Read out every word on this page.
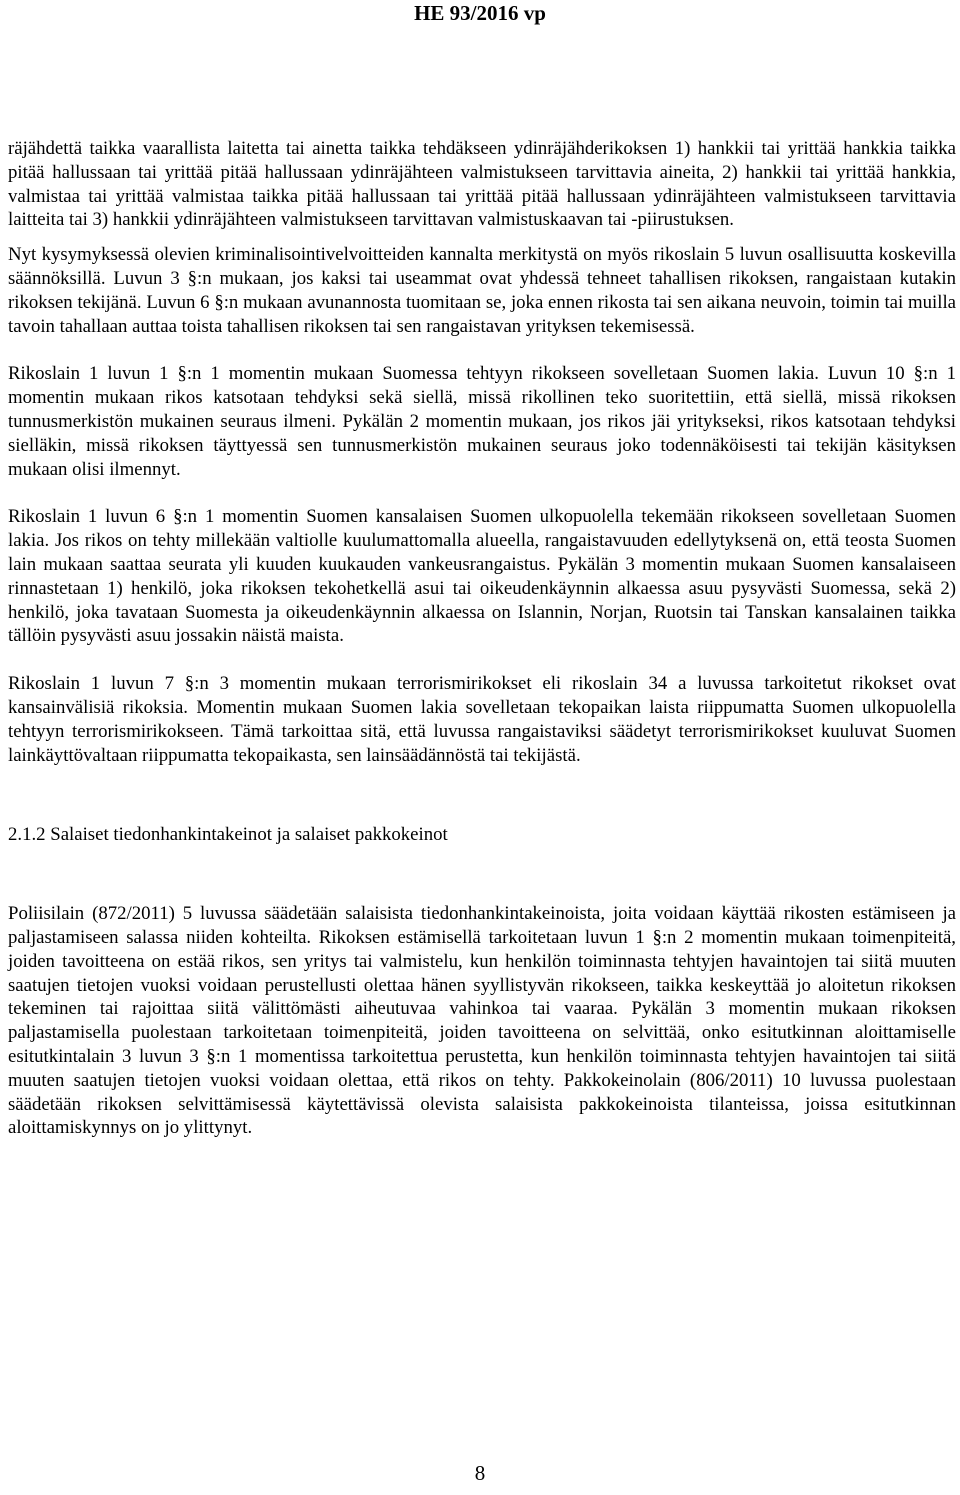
HE 93/2016 vp

räjähdettä taikka vaarallista laitetta tai ainetta taikka tehdäkseen ydinräjähderikoksen 1) hankkii tai yrittää hankkia taikka pitää hallussaan tai yrittää pitää hallussaan ydinräjähteen valmistukseen tarvittavia aineita, 2) hankkii tai yrittää hankkia, valmistaa tai yrittää valmistaa taikka pitää hallussaan tai yrittää pitää hallussaan ydinräjähteen valmistukseen tarvittavia laitteita tai 3) hankkii ydinräjähteen valmistukseen tarvittavan valmistuskaavan tai -piirustuksen.

Nyt kysymyksessä olevien kriminalisointivelvoitteiden kannalta merkitystä on myös rikoslain 5 luvun osallisuutta koskevilla säännöksillä. Luvun 3 §:n mukaan, jos kaksi tai useammat ovat yhdessä tehneet tahallisen rikoksen, rangaistaan kutakin rikoksen tekijänä. Luvun 6 §:n mukaan avunannosta tuomitaan se, joka ennen rikosta tai sen aikana neuvoin, toimin tai muilla tavoin tahallaan auttaa toista tahallisen rikoksen tai sen rangaistavan yrityksen tekemisessä.

Rikoslain 1 luvun 1 §:n 1 momentin mukaan Suomessa tehtyyn rikokseen sovelletaan Suomen lakia. Luvun 10 §:n 1 momentin mukaan rikos katsotaan tehdyksi sekä siellä, missä rikollinen teko suoritettiin, että siellä, missä rikoksen tunnusmerkistön mukainen seuraus ilmeni. Pykälän 2 momentin mukaan, jos rikos jäi yritykseksi, rikos katsotaan tehdyksi sielläkin, missä rikoksen täyttyessä sen tunnusmerkistön mukainen seuraus joko todennäköisesti tai tekijän käsityksen mukaan olisi ilmennyt.

Rikoslain 1 luvun 6 §:n 1 momentin Suomen kansalaisen Suomen ulkopuolella tekemään rikokseen sovelletaan Suomen lakia. Jos rikos on tehty millekään valtiolle kuulumattomalla alueella, rangaistavuuden edellytyksenä on, että teosta Suomen lain mukaan saattaa seurata yli kuuden kuukauden vankeusrangaistus. Pykälän 3 momentin mukaan Suomen kansalaiseen rinnastetaan 1) henkilö, joka rikoksen tekohetkellä asui tai oikeudenkäynnin alkaessa asuu pysyvästi Suomessa, sekä 2) henkilö, joka tavataan Suomesta ja oikeudenkäynnin alkaessa on Islannin, Norjan, Ruotsin tai Tanskan kansalainen taikka tällöin pysyvästi asuu jossakin näistä maista.

Rikoslain 1 luvun 7 §:n 3 momentin mukaan terrorismirikokset eli rikoslain 34 a luvussa tarkoitetut rikokset ovat kansainvälisiä rikoksia. Momentin mukaan Suomen lakia sovelletaan tekopaikan laista riippumatta Suomen ulkopuolella tehtyyn terrorismirikokseen. Tämä tarkoittaa sitä, että luvussa rangaistaviksi säädetyt terrorismirikokset kuuluvat Suomen lainkäyttövaltaan riippumatta tekopaikasta, sen lainsäädännöstä tai tekijästä.

2.1.2 Salaiset tiedonhankintakeinot ja salaiset pakkokeinot

Poliisilain (872/2011) 5 luvussa säädetään salaisista tiedonhankintakeinoista, joita voidaan käyttää rikosten estämiseen ja paljastamiseen salassa niiden kohteilta. Rikoksen estämisellä tarkoitetaan luvun 1 §:n 2 momentin mukaan toimenpiteitä, joiden tavoitteena on estää rikos, sen yritys tai valmistelu, kun henkilön toiminnasta tehtyjen havaintojen tai siitä muuten saatujen tietojen vuoksi voidaan perustellusti olettaa hänen syyllistyvän rikokseen, taikka keskeyttää jo aloitetun rikoksen tekeminen tai rajoittaa siitä välittömästi aiheutuvaa vahinkoa tai vaaraa. Pykälän 3 momentin mukaan rikoksen paljastamisella puolestaan tarkoitetaan toimenpiteitä, joiden tavoitteena on selvittää, onko esitutkinnan aloittamiselle esitutkintalain 3 luvun 3 §:n 1 momentissa tarkoitettua perustetta, kun henkilön toiminnasta tehtyjen havaintojen tai siitä muuten saatujen tietojen vuoksi voidaan olettaa, että rikos on tehty. Pakkokeinolain (806/2011) 10 luvussa puolestaan säädetään rikoksen selvittämisessä käytettävissä olevista salaisista pakkokeinoista tilanteissa, joissa esitutkinnan aloittamiskynnys on jo ylittynyt.

8
